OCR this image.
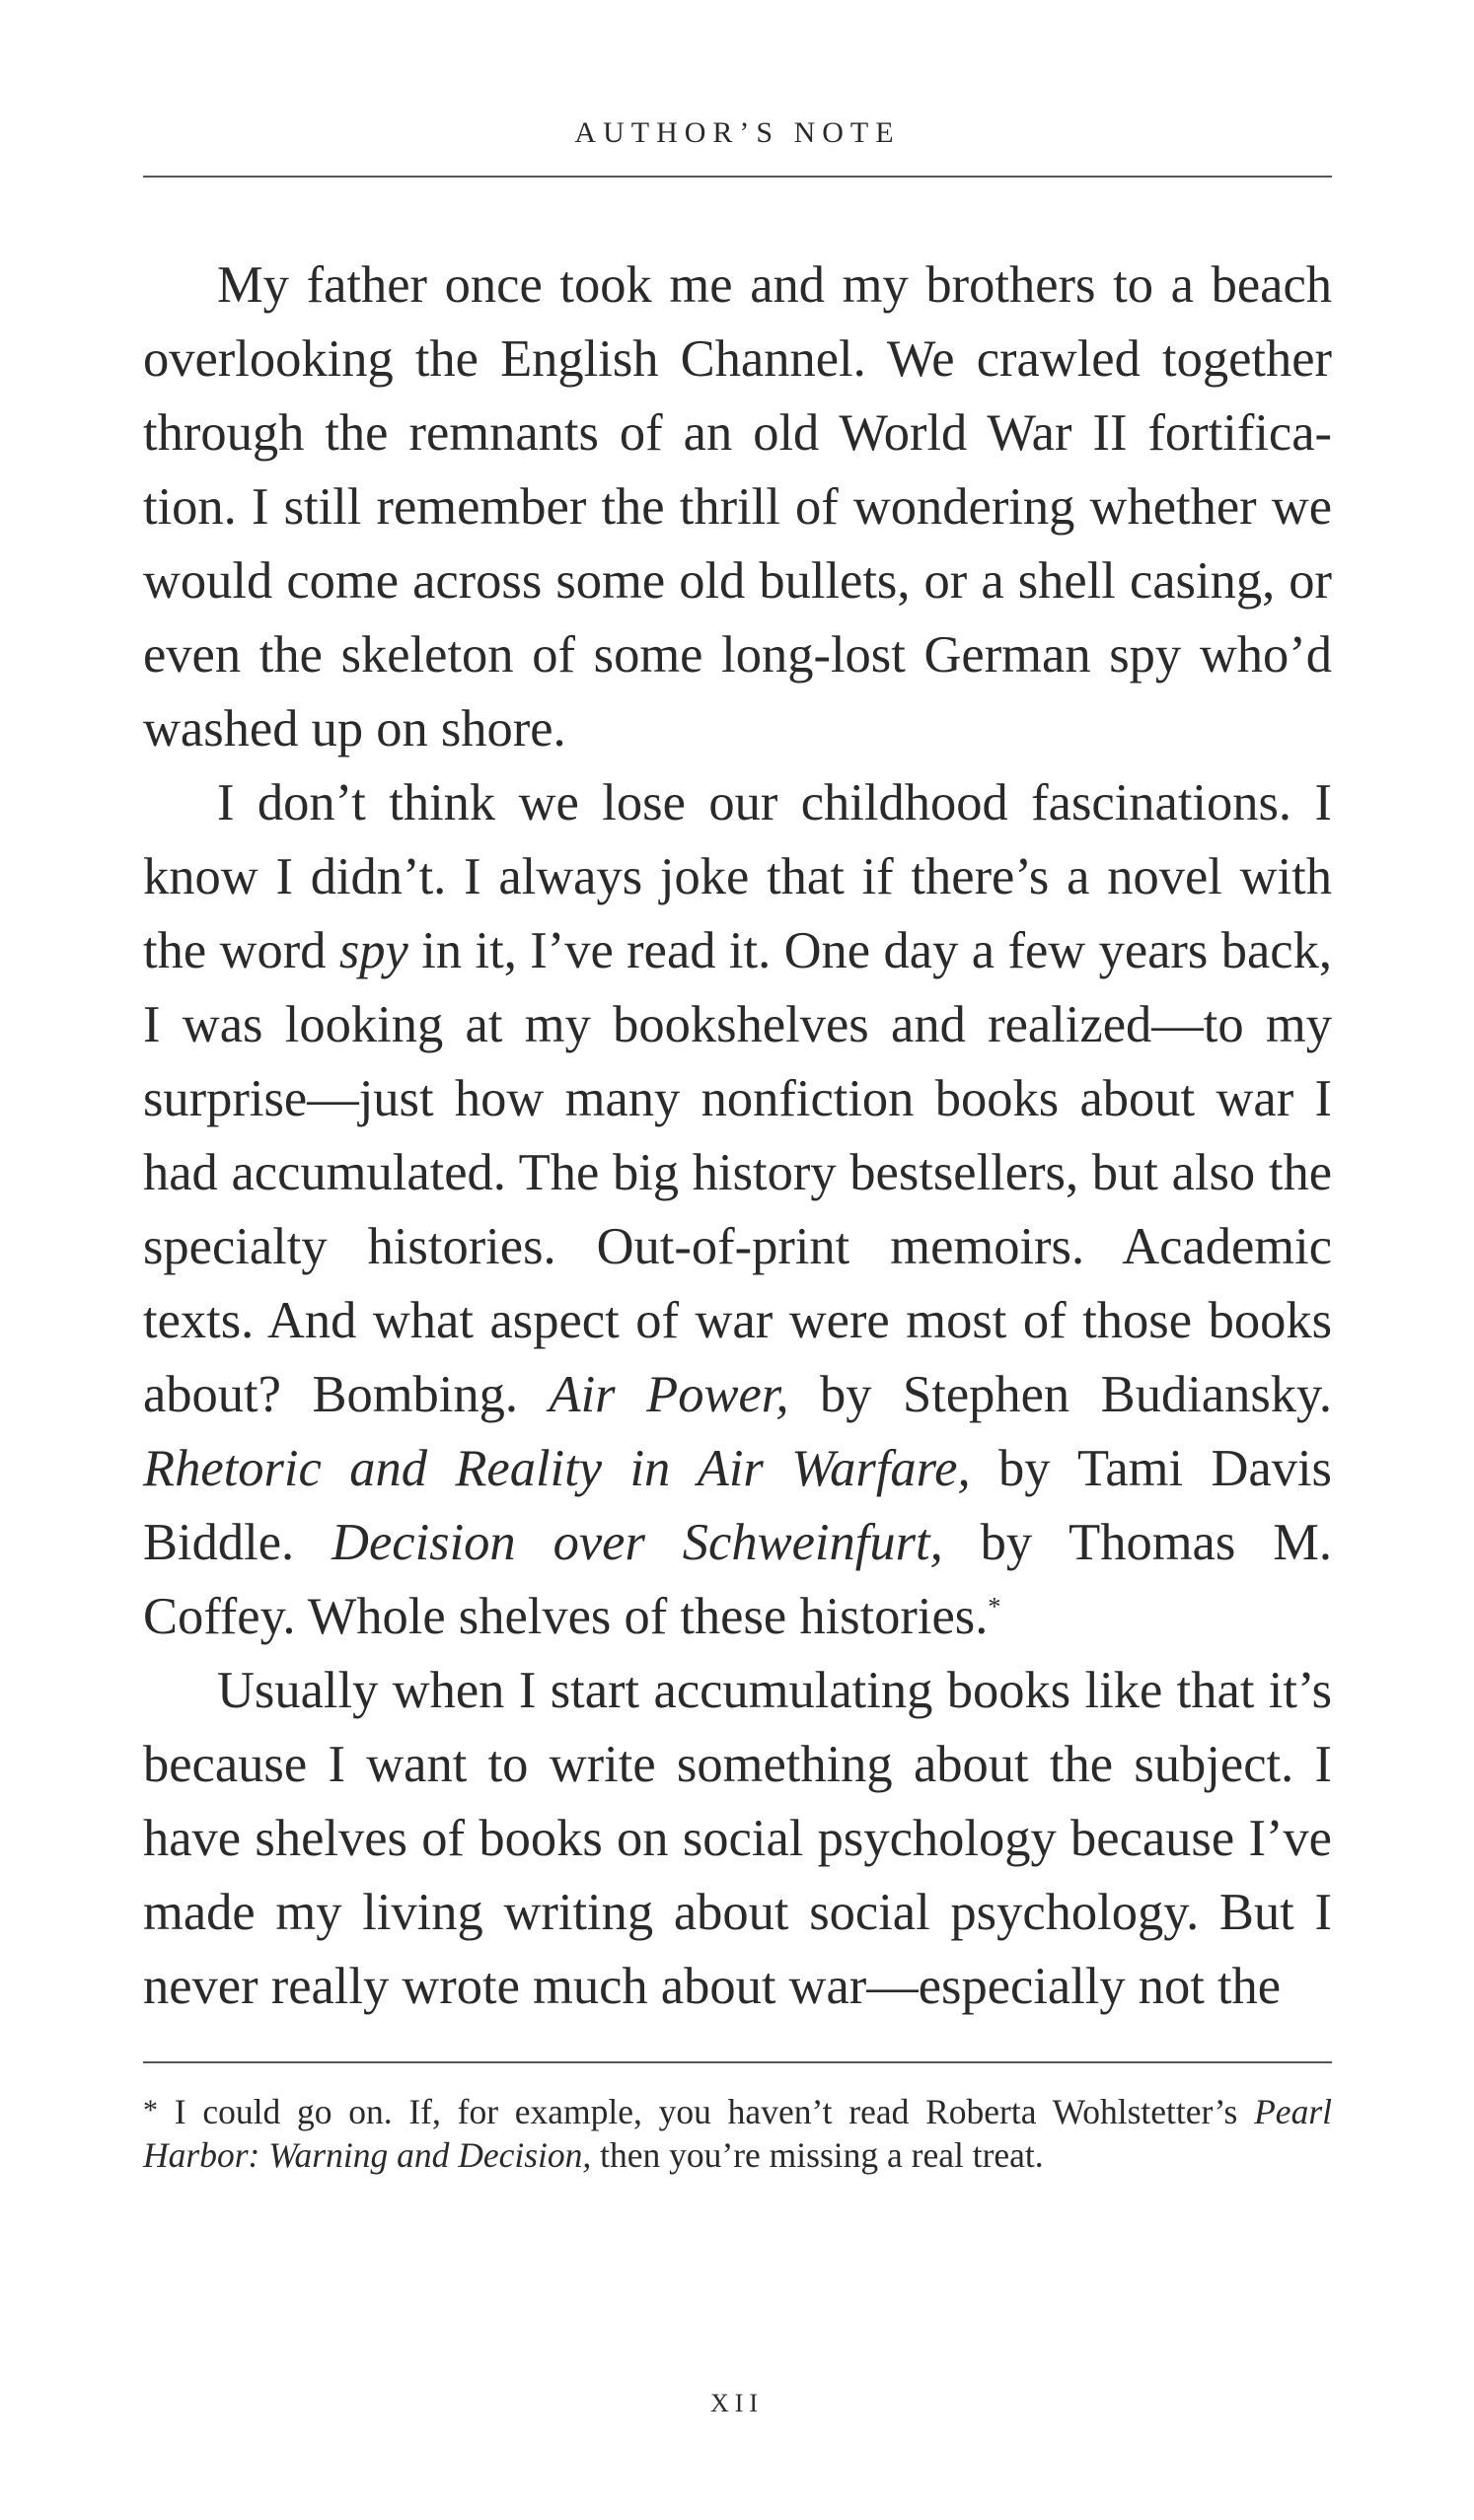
AUTHOR’S NOTE

My father once took me and my brothers to a beach overlooking the English Channel. We crawled together through the remnants of an old World War II fortification. I still remember the thrill of wondering whether we would come across some old bullets, or a shell casing, or even the skeleton of some long-lost German spy who’d washed up on shore.

I don’t think we lose our childhood fascinations. I know I didn’t. I always joke that if there’s a novel with the word spy in it, I’ve read it. One day a few years back, I was looking at my bookshelves and realized—to my surprise—just how many nonfiction books about war I had accumulated. The big history bestsellers, but also the specialty histories. Out-of-print memoirs. Academic texts. And what aspect of war were most of those books about? Bombing. Air Power, by Stephen Budiansky. Rhetoric and Reality in Air Warfare, by Tami Davis Biddle. Decision over Schweinfurt, by Thomas M. Coffey. Whole shelves of these histories.*

Usually when I start accumulating books like that it’s because I want to write something about the subject. I have shelves of books on social psychology because I’ve made my living writing about social psychology. But I never really wrote much about war—especially not the

* I could go on. If, for example, you haven’t read Roberta Wohlstetter’s Pearl Harbor: Warning and Decision, then you’re missing a real treat.

XII
